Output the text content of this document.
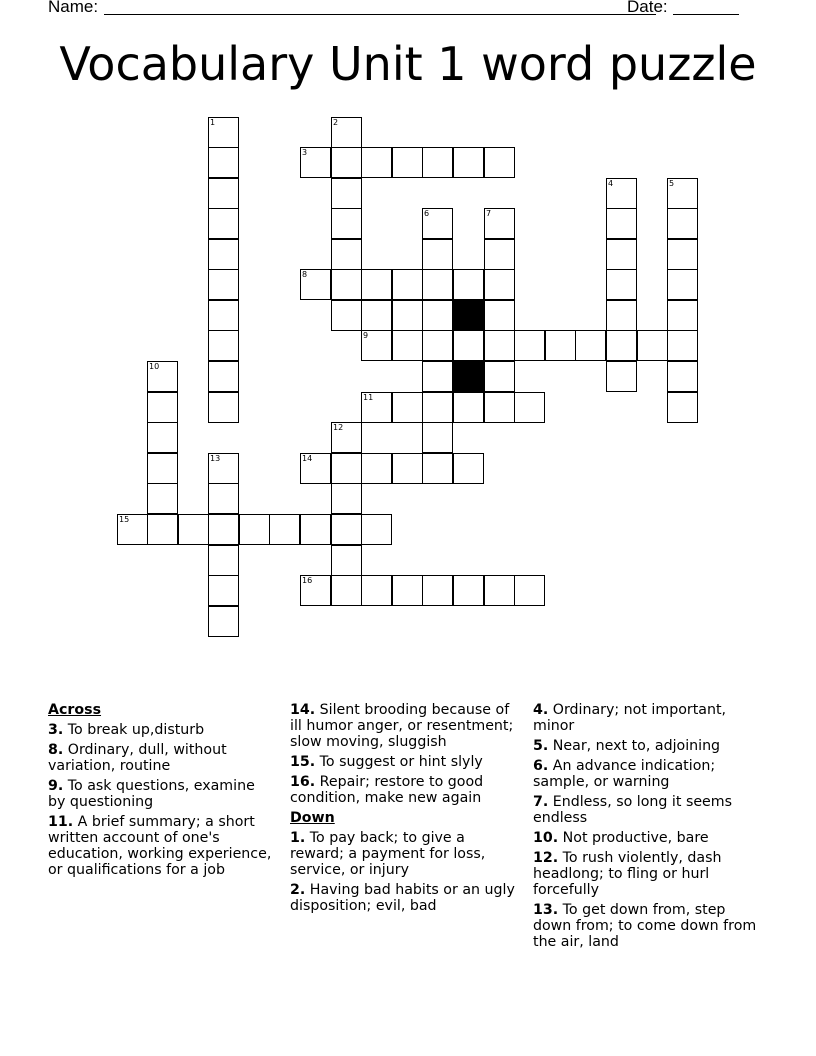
Name:	Date:
Vocabulary Unit 1 word puzzle
1	2
3
4	5
6	7
8
9
10
11
12
13	14
15
16
Across
3. To break up,disturb
8. Ordinary, dull, without variation, routine
9. To ask questions, examine by questioning
11. A brief summary; a short written account of one's education, working experience, or qualifications for a job
14. Silent brooding because of ill humor anger, or resentment; slow moving, sluggish
15. To suggest or hint slyly
16. Repair; restore to good condition, make new again
Down
1. To pay back; to give a reward; a payment for loss, service, or injury
2. Having bad habits or an ugly disposition; evil, bad
4. Ordinary; not important, minor
5. Near, next to, adjoining
6. An advance indication; sample, or warning
7. Endless, so long it seems endless
10. Not productive, bare
12. To rush violently, dash headlong; to fling or hurl forcefully
13. To get down from, step down from; to come down from the air, land
